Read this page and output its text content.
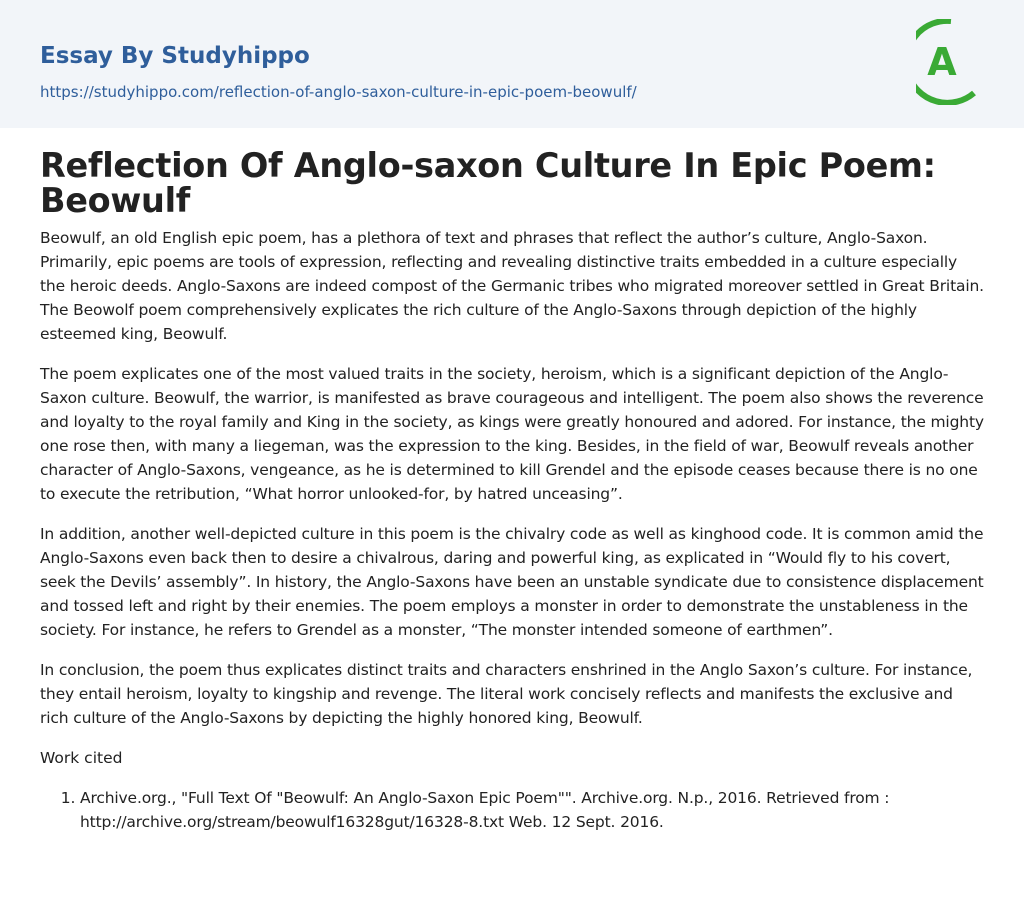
Essay By Studyhippo
https://studyhippo.com/reflection-of-anglo-saxon-culture-in-epic-poem-beowulf/
A
Reflection Of Anglo-saxon Culture In Epic Poem: Beowulf

Beowulf, an old English epic poem, has a plethora of text and phrases that reflect the author’s culture, Anglo-Saxon. Primarily, epic poems are tools of expression, reflecting and revealing distinctive traits embedded in a culture especially the heroic deeds. Anglo-Saxons are indeed compost of the Germanic tribes who migrated moreover settled in Great Britain. The Beowolf poem comprehensively explicates the rich culture of the Anglo-Saxons through depiction of the highly esteemed king, Beowulf.

The poem explicates one of the most valued traits in the society, heroism, which is a significant depiction of the Anglo-Saxon culture. Beowulf, the warrior, is manifested as brave courageous and intelligent. The poem also shows the reverence and loyalty to the royal family and King in the society, as kings were greatly honoured and adored. For instance, the mighty one rose then, with many a liegeman, was the expression to the king. Besides, in the field of war, Beowulf reveals another character of Anglo-Saxons, vengeance, as he is determined to kill Grendel and the episode ceases because there is no one to execute the retribution, “What horror unlooked-for, by hatred unceasing”.

In addition, another well-depicted culture in this poem is the chivalry code as well as kinghood code. It is common amid the Anglo-Saxons even back then to desire a chivalrous, daring and powerful king, as explicated in “Would fly to his covert, seek the Devils’ assembly”. In history, the Anglo-Saxons have been an unstable syndicate due to consistence displacement and tossed left and right by their enemies. The poem employs a monster in order to demonstrate the unstableness in the society. For instance, he refers to Grendel as a monster, “The monster intended someone of earthmen”.

In conclusion, the poem thus explicates distinct traits and characters enshrined in the Anglo Saxon’s culture. For instance, they entail heroism, loyalty to kingship and revenge. The literal work concisely reflects and manifests the exclusive and rich culture of the Anglo-Saxons by depicting the highly honored king, Beowulf.

Work cited

1. Archive.org., "Full Text Of "Beowulf: An Anglo-Saxon Epic Poem"". Archive.org. N.p., 2016. Retrieved from : http://archive.org/stream/beowulf16328gut/16328-8.txt Web. 12 Sept. 2016.
